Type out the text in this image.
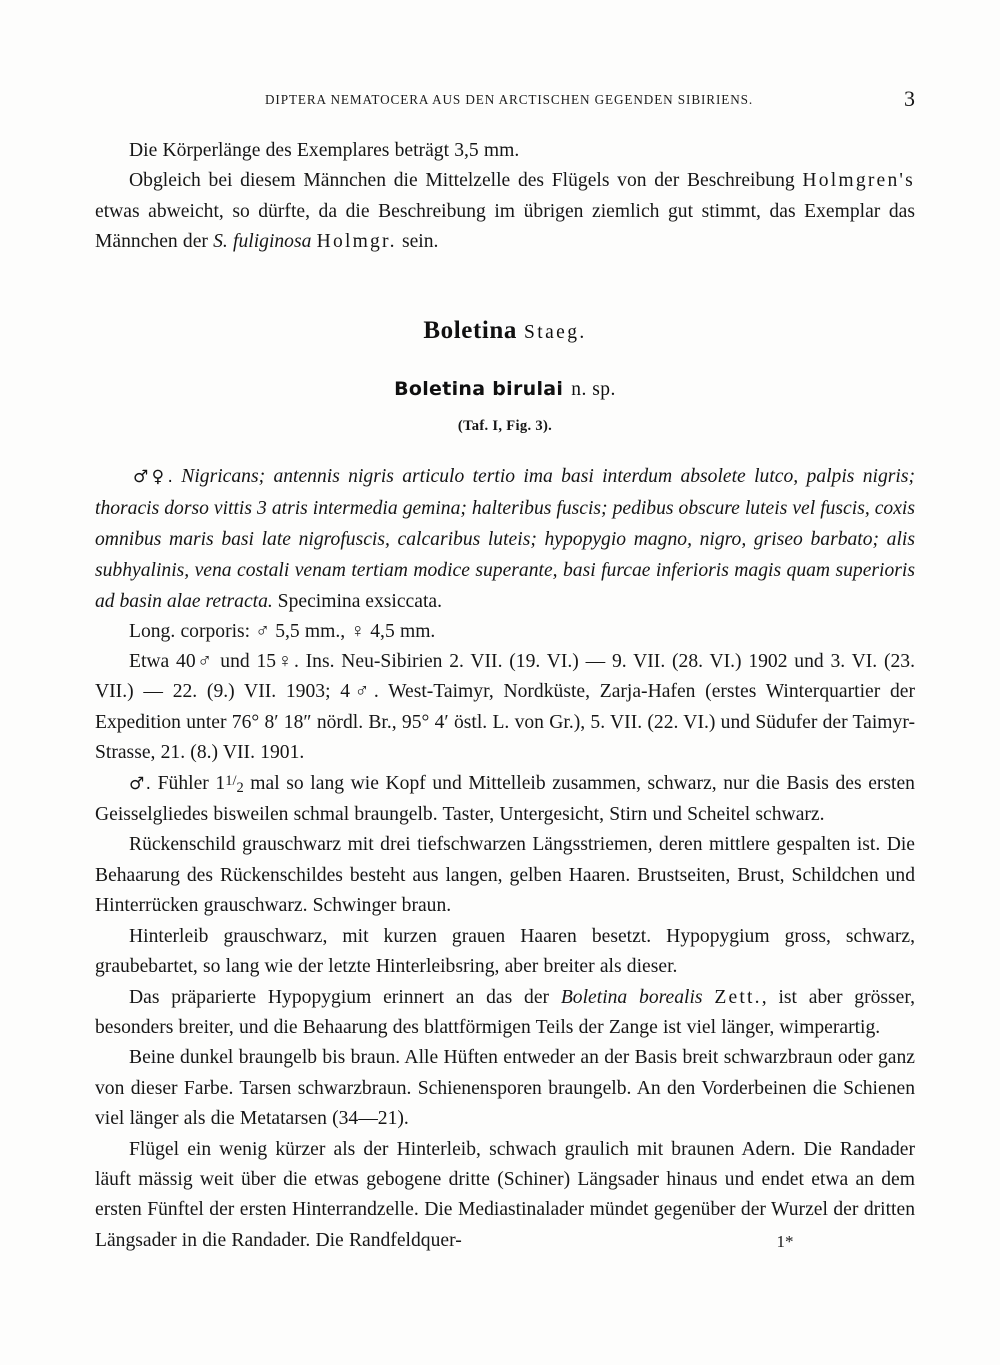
DIPTERA NEMATOCERA AUS DEN ARCTISCHEN GEGENDEN SIBIRIENS.	3

Die Körperlänge des Exemplares beträgt 3,5 mm.

Obgleich bei diesem Männchen die Mittelzelle des Flügels von der Beschreibung Holmgren's etwas abweicht, so dürfte, da die Beschreibung im übrigen ziemlich gut stimmt, das Exemplar das Männchen der S. fuliginosa Holmgr. sein.

Boletina Staeg.
Boletina birulai n. sp.
(Taf. I, Fig. 3).

♂♀. Nigricans; antennis nigris articulo tertio ima basi interdum absolete lutco, palpis nigris; thoracis dorso vittis 3 atris intermedia gemina; halteribus fuscis; pedibus obscure luteis vel fuscis, coxis omnibus maris basi late nigrofuscis, calcaribus luteis; hypopygio magno, nigro, griseo barbato; alis subhyalinis, vena costali venam tertiam modice superante, basi furcae inferioris magis quam superioris ad basin alae retracta. Specimina exsiccata.

Long. corporis: ♂ 5,5 mm., ♀ 4,5 mm.

Etwa 40♂ und 15♀. Ins. Neu-Sibirien 2. VII. (19. VI.) — 9. VII. (28. VI.) 1902 und 3. VI. (23. VII.) — 22. (9.) VII. 1903; 4♂. West-Taimyr, Nordküste, Zarja-Hafen (erstes Winterquartier der Expedition unter 76° 8′ 18″ nördl. Br., 95° 4′ östl. L. von Gr.), 5. VII. (22. VI.) und Südufer der Taimyr-Strasse, 21. (8.) VII. 1901.

♂. Fühler 11/2 mal so lang wie Kopf und Mittelleib zusammen, schwarz, nur die Basis des ersten Geisselgliedes bisweilen schmal braungelb. Taster, Untergesicht, Stirn und Scheitel schwarz.

Rückenschild grauschwarz mit drei tiefschwarzen Längsstriemen, deren mittlere gespalten ist. Die Behaarung des Rückenschildes besteht aus langen, gelben Haaren. Brustseiten, Brust, Schildchen und Hinterrücken grauschwarz. Schwinger braun.

Hinterleib grauschwarz, mit kurzen grauen Haaren besetzt. Hypopygium gross, schwarz, graubebartet, so lang wie der letzte Hinterleibsring, aber breiter als dieser.

Das präparierte Hypopygium erinnert an das der Boletina borealis Zett., ist aber grösser, besonders breiter, und die Behaarung des blattförmigen Teils der Zange ist viel länger, wimperartig.

Beine dunkel braungelb bis braun. Alle Hüften entweder an der Basis breit schwarzbraun oder ganz von dieser Farbe. Tarsen schwarzbraun. Schienensporen braungelb. An den Vorderbeinen die Schienen viel länger als die Metatarsen (34—21).

Flügel ein wenig kürzer als der Hinterleib, schwach graulich mit braunen Adern. Die Randader läuft mässig weit über die etwas gebogene dritte (Schiner) Längsader hinaus und endet etwa an dem ersten Fünftel der ersten Hinterrandzelle. Die Mediastinalader mündet gegenüber der Wurzel der dritten Längsader in die Randader. Die Randfeldquer-	1*
